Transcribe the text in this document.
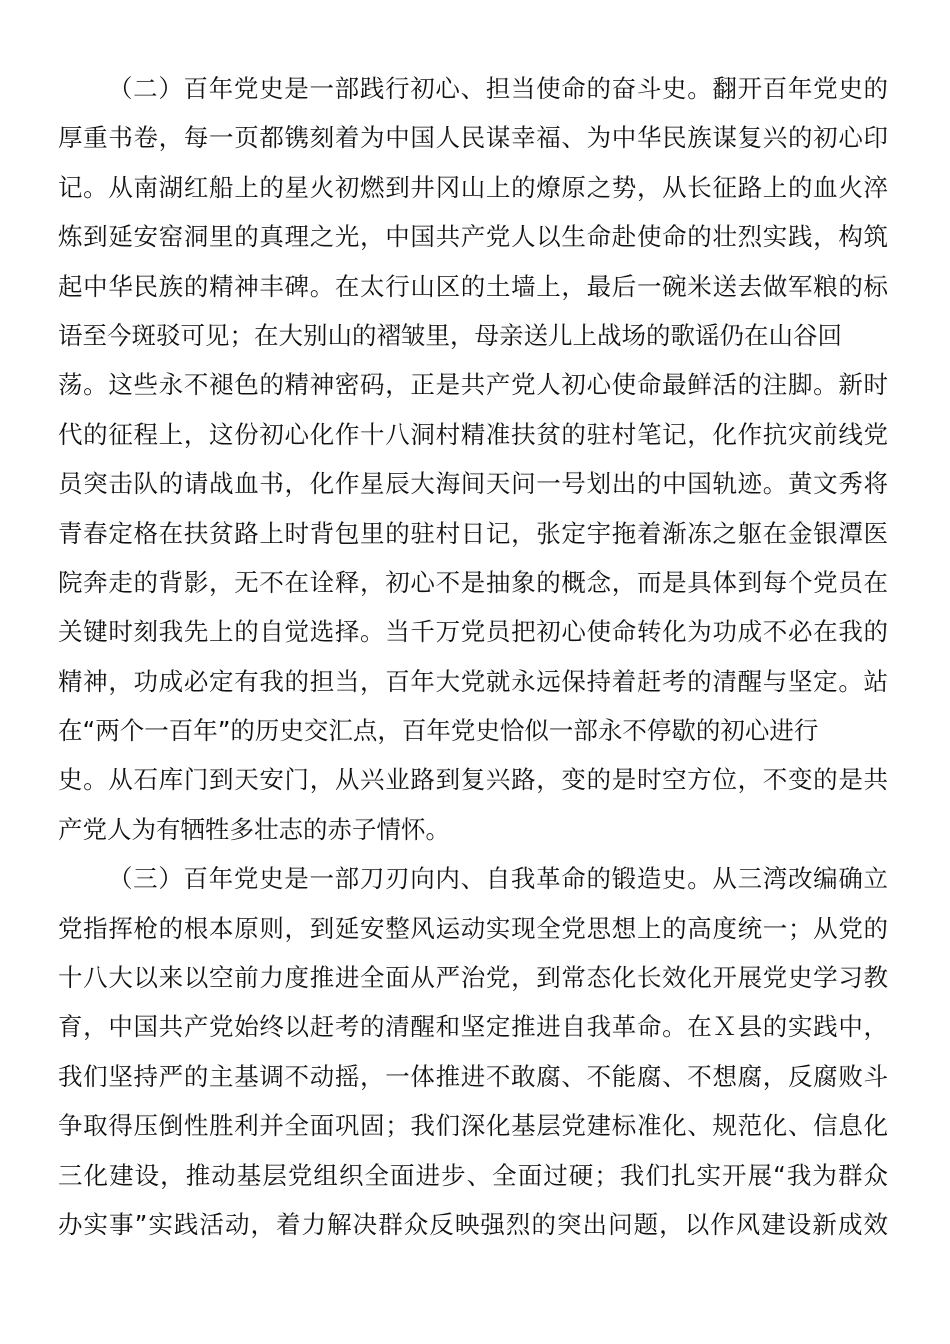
（二）百年党史是一部践行初心、担当使命的奋斗史。翻开百年党史的
厚重书卷，每一页都镌刻着为中国人民谋幸福、为中华民族谋复兴的初心印
记。从南湖红船上的星火初燃到井冈山上的燎原之势，从长征路上的血火淬
炼到延安窑洞里的真理之光，中国共产党人以生命赴使命的壮烈实践，构筑
起中华民族的精神丰碑。在太行山区的土墙上，最后一碗米送去做军粮的标
语至今斑驳可见；在大别山的褶皱里，母亲送儿上战场的歌谣仍在山谷回
荡。这些永不褪色的精神密码，正是共产党人初心使命最鲜活的注脚。新时
代的征程上，这份初心化作十八洞村精准扶贫的驻村笔记，化作抗灾前线党
员突击队的请战血书，化作星辰大海间天问一号划出的中国轨迹。黄文秀将
青春定格在扶贫路上时背包里的驻村日记，张定宇拖着渐冻之躯在金银潭医
院奔走的背影，无不在诠释，初心不是抽象的概念，而是具体到每个党员在
关键时刻我先上的自觉选择。当千万党员把初心使命转化为功成不必在我的
精神，功成必定有我的担当，百年大党就永远保持着赶考的清醒与坚定。站
在“两个一百年”的历史交汇点，百年党史恰似一部永不停歇的初心进行
史。从石库门到天安门，从兴业路到复兴路，变的是时空方位，不变的是共
产党人为有牺牲多壮志的赤子情怀。
（三）百年党史是一部刀刃向内、自我革命的锻造史。从三湾改编确立
党指挥枪的根本原则，到延安整风运动实现全党思想上的高度统一；从党的
十八大以来以空前力度推进全面从严治党，到常态化长效化开展党史学习教
育，中国共产党始终以赶考的清醒和坚定推进自我革命。在Ｘ县的实践中，
我们坚持严的主基调不动摇，一体推进不敢腐、不能腐、不想腐，反腐败斗
争取得压倒性胜利并全面巩固；我们深化基层党建标准化、规范化、信息化
三化建设，推动基层党组织全面进步、全面过硬；我们扎实开展“我为群众
办实事”实践活动，着力解决群众反映强烈的突出问题，以作风建设新成效
